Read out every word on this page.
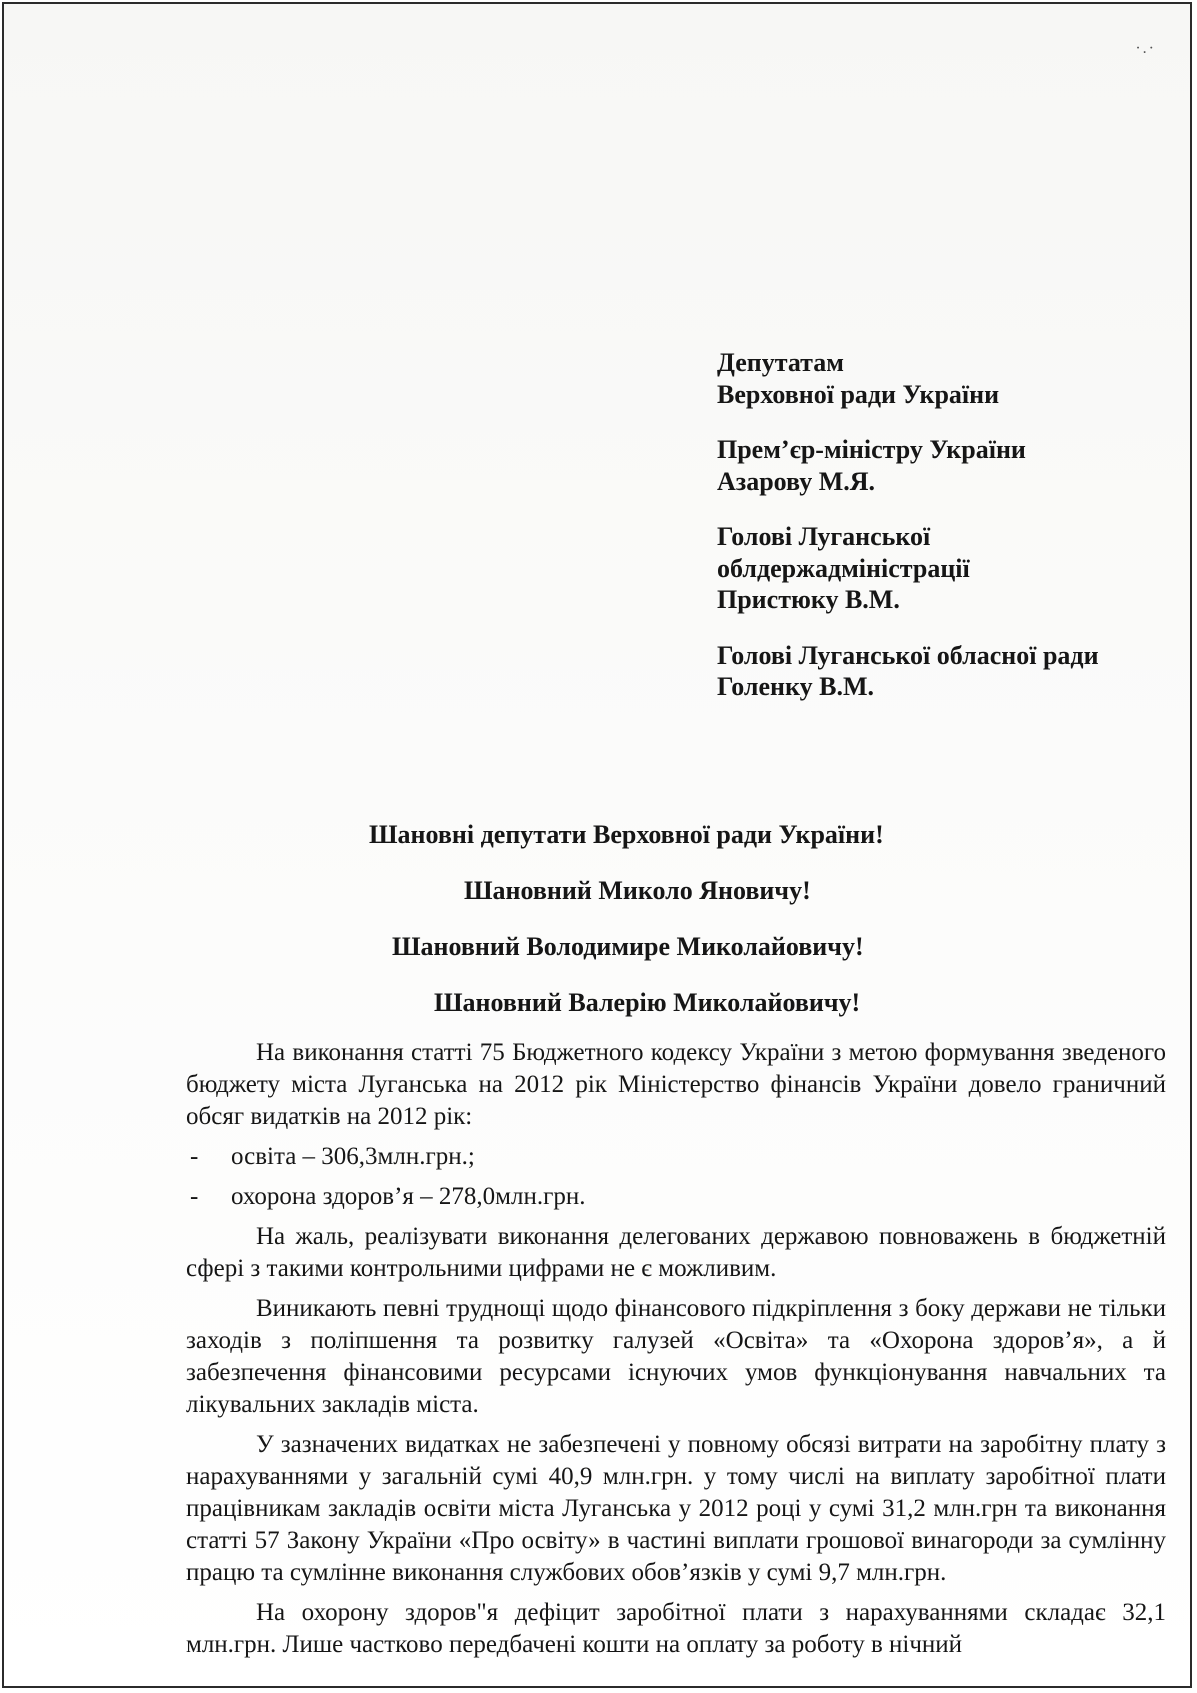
·.·
Депутатам
Верховної ради України
Прем’єр-міністру України
Азарову М.Я.
Голові Луганської
облдержадміністрації
Пристюку В.М.
Голові Луганської обласної ради
Голенку В.М.
Шановні депутати Верховної ради України!
Шановний Миколо Яновичу!
Шановний Володимире Миколайовичу!
Шановний Валерію Миколайовичу!

На виконання статті 75 Бюджетного кодексу України з метою формування зведеного бюджету міста Луганська на 2012 рік Міністерство фінансів України довело граничний обсяг видатків на 2012 рік:

- освіта – 306,3млн.грн.;
- охорона здоров’я – 278,0млн.грн.

На жаль, реалізувати виконання делегованих державою повноважень в бюджетній сфері з такими контрольними цифрами не є можливим.

Виникають певні труднощі щодо фінансового підкріплення з боку держави не тільки заходів з поліпшення та розвитку галузей «Освіта» та «Охорона здоров’я», а й забезпечення фінансовими ресурсами існуючих умов функціонування навчальних та лікувальних закладів міста.

У зазначених видатках не забезпечені у повному обсязі витрати на заробітну плату з нарахуваннями у загальній сумі 40,9 млн.грн. у тому числі на виплату заробітної плати працівникам закладів освіти міста Луганська у 2012 році у сумі 31,2 млн.грн та виконання статті 57 Закону України «Про освіту» в частині виплати грошової винагороди за сумлінну працю та сумлінне виконання службових обов’язків у сумі 9,7 млн.грн.

На охорону здоров"я дефіцит заробітної плати з нарахуваннями складає 32,1 млн.грн. Лише частково передбачені кошти на оплату за роботу в нічний
